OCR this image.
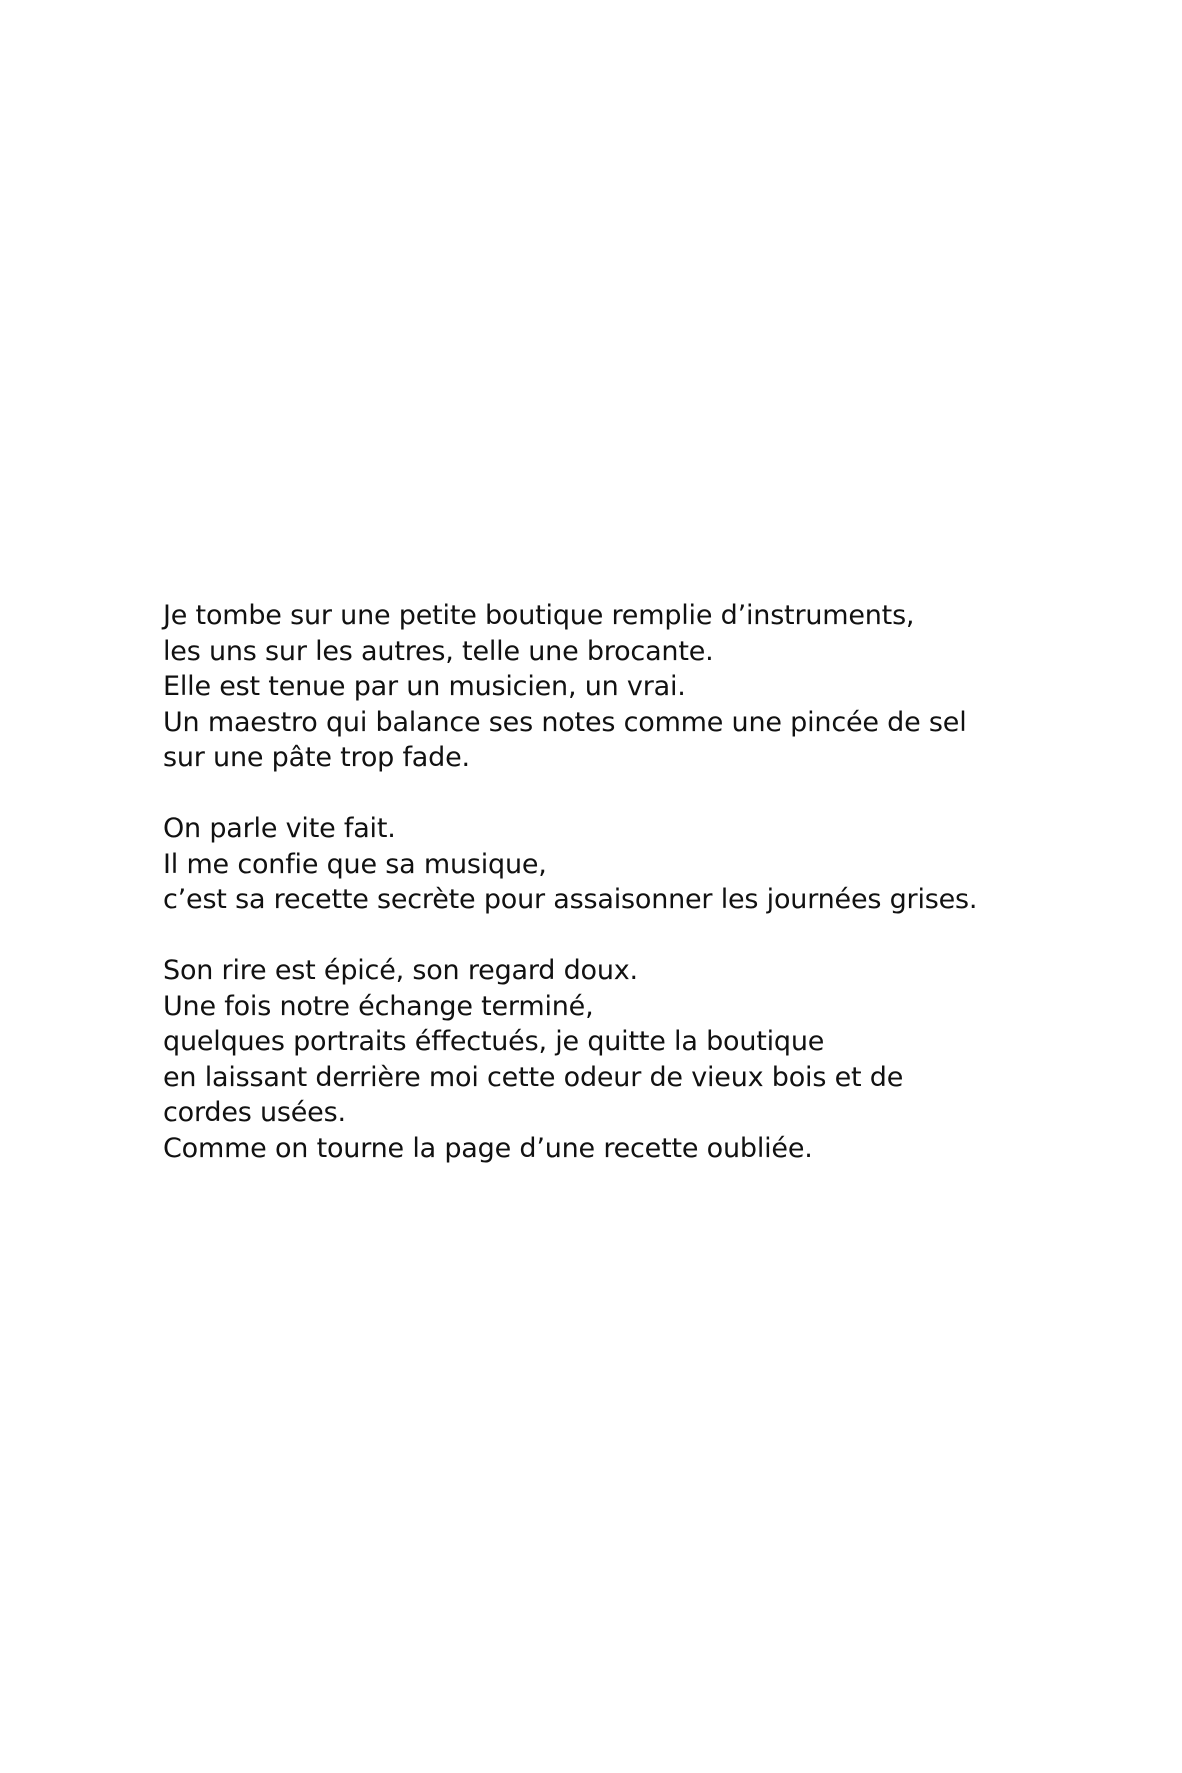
Je tombe sur une petite boutique remplie d’instruments,
les uns sur les autres, telle une brocante.
Elle est tenue par un musicien, un vrai.
Un maestro qui balance ses notes comme une pincée de sel
sur une pâte trop fade.

On parle vite fait.
Il me confie que sa musique,
c’est sa recette secrète pour assaisonner les journées grises.

Son rire est épicé, son regard doux.
Une fois notre échange terminé,
quelques portraits éffectués, je quitte la boutique
en laissant derrière moi cette odeur de vieux bois et de
cordes usées.
Comme on tourne la page d’une recette oubliée.
